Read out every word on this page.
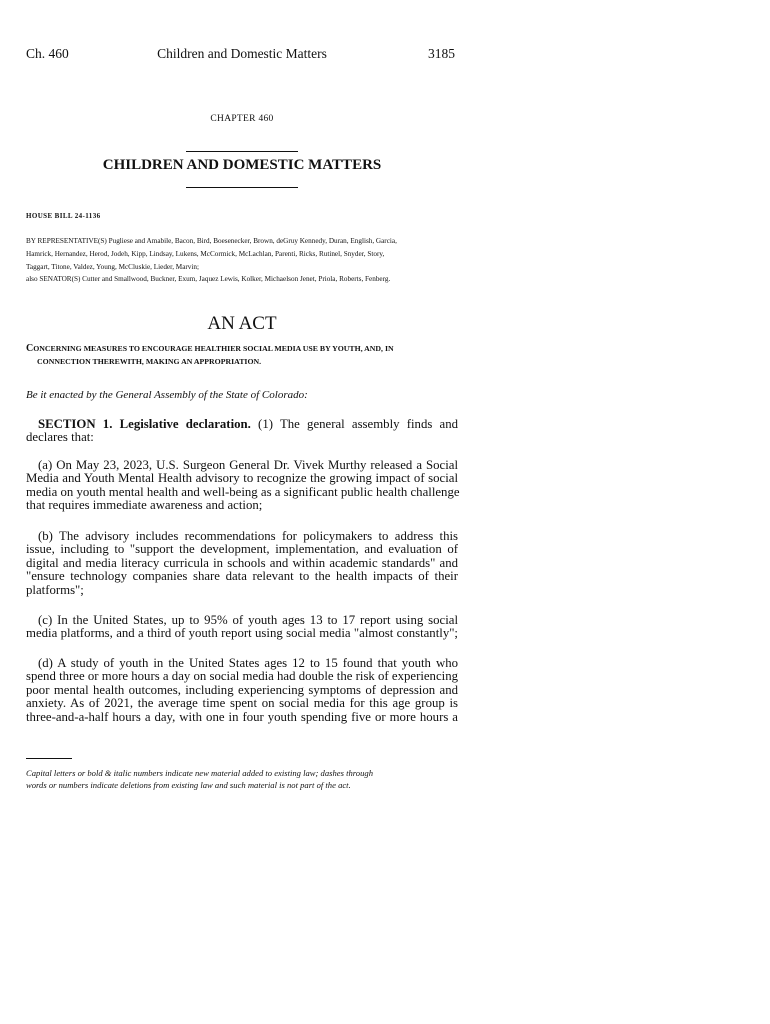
Ch. 460	Children and Domestic Matters	3185
CHAPTER 460
CHILDREN AND DOMESTIC MATTERS
HOUSE BILL 24-1136
BY REPRESENTATIVE(S) Pugliese and Amabile, Bacon, Bird, Boesenecker, Brown, deGruy Kennedy, Duran, English, Garcia,
Hamrick, Hernandez, Herod, Jodeh, Kipp, Lindsay, Lukens, McCormick, McLachlan, Parenti, Ricks, Rutinel, Snyder, Story,
Taggart, Titone, Valdez, Young, McCluskie, Lieder, Marvin;
also SENATOR(S) Cutter and Smallwood, Buckner, Exum, Jaquez Lewis, Kolker, Michaelson Jenet, Priola, Roberts, Fenberg.
AN ACT
CONCERNING MEASURES TO ENCOURAGE HEALTHIER SOCIAL MEDIA USE BY YOUTH, AND, IN
CONNECTION THEREWITH, MAKING AN APPROPRIATION.
Be it enacted by the General Assembly of the State of Colorado:
SECTION 1. Legislative declaration. (1) The general assembly finds and
declares that:
(a) On May 23, 2023, U.S. Surgeon General Dr. Vivek Murthy released a Social
Media and Youth Mental Health advisory to recognize the growing impact of social
media on youth mental health and well-being as a significant public health challenge
that requires immediate awareness and action;
(b) The advisory includes recommendations for policymakers to address this
issue, including to "support the development, implementation, and evaluation of
digital and media literacy curricula in schools and within academic standards" and
"ensure technology companies share data relevant to the health impacts of their
platforms";
(c) In the United States, up to 95% of youth ages 13 to 17 report using social
media platforms, and a third of youth report using social media "almost constantly";
(d) A study of youth in the United States ages 12 to 15 found that youth who
spend three or more hours a day on social media had double the risk of experiencing
poor mental health outcomes, including experiencing symptoms of depression and
anxiety. As of 2021, the average time spent on social media for this age group is
three-and-a-half hours a day, with one in four youth spending five or more hours a
Capital letters or bold & italic numbers indicate new material added to existing law; dashes through
words or numbers indicate deletions from existing law and such material is not part of the act.
